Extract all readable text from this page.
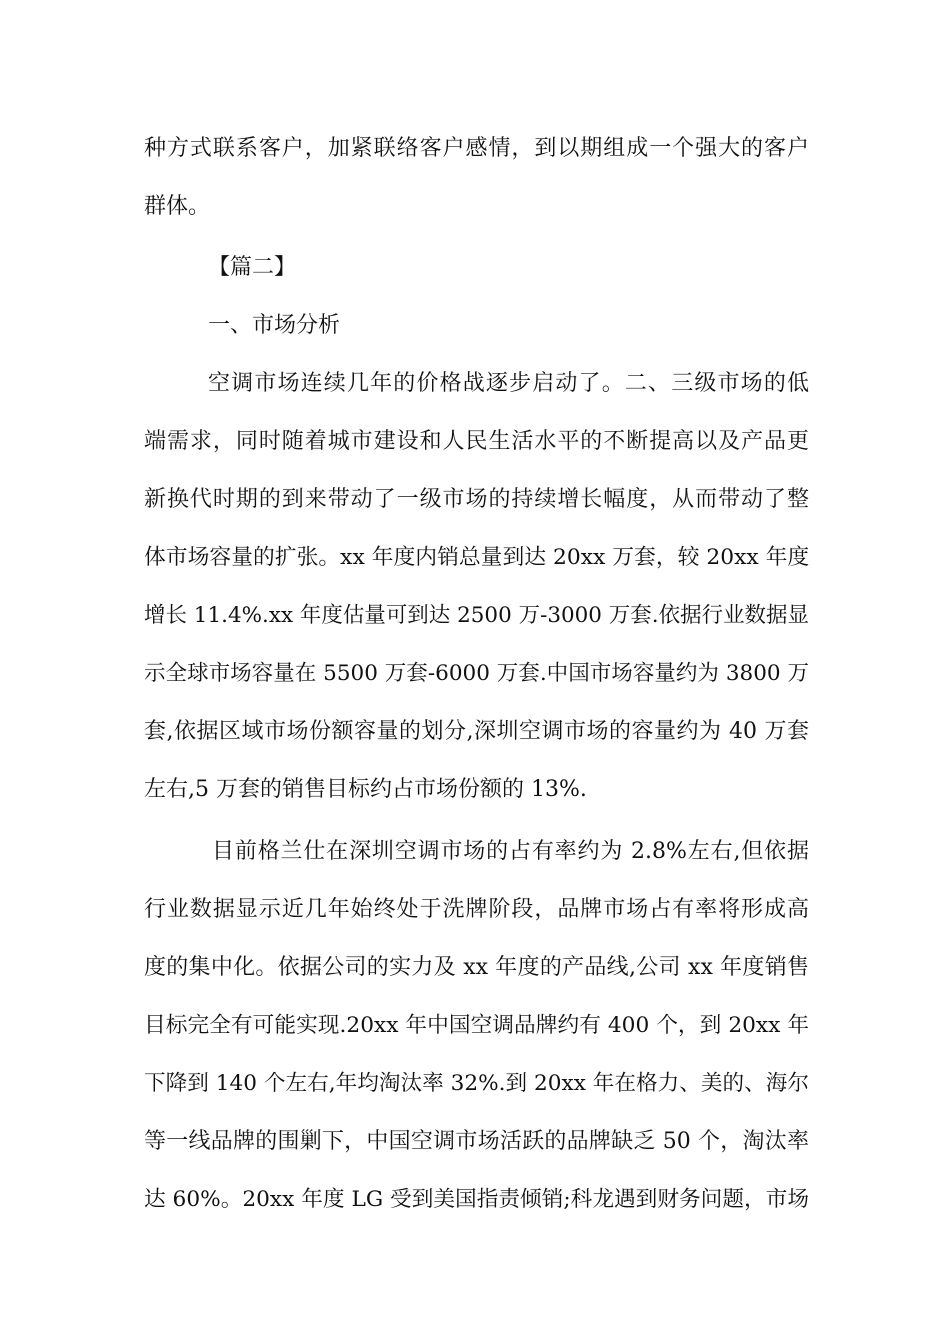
种方式联系客户，加紧联络客户感情，到以期组成一个强大的客户
群体。
【篇二】
一、市场分析
空调市场连续几年的价格战逐步启动了。二、三级市场的低
端需求，同时随着城市建设和人民生活水平的不断提高以及产品更
新换代时期的到来带动了一级市场的持续增长幅度，从而带动了整
体市场容量的扩张。xx 年度内销总量到达 20xx 万套，较 20xx 年度
增长 11.4%.xx 年度估量可到达 2500 万-3000 万套.依据行业数据显
示全球市场容量在 5500 万套-6000 万套.中国市场容量约为 3800 万
套,依据区域市场份额容量的划分,深圳空调市场的容量约为 40 万套
左右,5 万套的销售目标约占市场份额的 13%.
目前格兰仕在深圳空调市场的占有率约为 2.8%左右,但依据
行业数据显示近几年始终处于洗牌阶段，品牌市场占有率将形成高
度的集中化。依据公司的实力及 xx 年度的产品线,公司 xx 年度销售
目标完全有可能实现.20xx 年中国空调品牌约有 400 个，到 20xx 年
下降到 140 个左右,年均淘汰率 32%.到 20xx 年在格力、美的、海尔
等一线品牌的围剿下，中国空调市场活跃的品牌缺乏 50 个，淘汰率
达 60%。20xx 年度 LG 受到美国指责倾销;科龙遇到财务问题，市场
